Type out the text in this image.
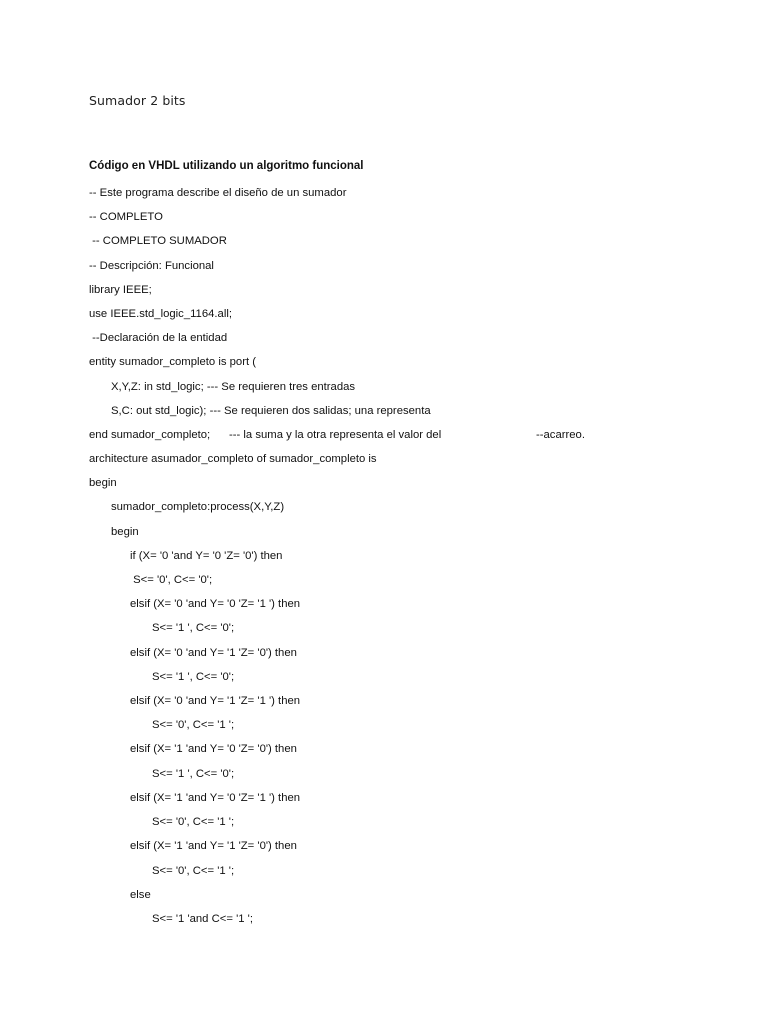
Sumador 2 bits
Código en VHDL utilizando un algoritmo funcional
-- Este programa describe el diseño de un sumador
-- COMPLETO
-- COMPLETO SUMADOR
-- Descripción: Funcional
library IEEE;
use IEEE.std_logic_1164.all;
--Declaración de la entidad
entity sumador_completo is port (
X,Y,Z: in std_logic; --- Se requieren tres entradas
S,C: out std_logic); --- Se requieren dos salidas; una representa
end sumador_completo; --- la suma y la otra representa el valor del	--acarreo.
architecture asumador_completo of sumador_completo is
begin
sumador_completo:process(X,Y,Z)
begin
if (X= '0 'and Y= '0 'Z= '0') then
S<= '0', C<= '0';
elsif (X= '0 'and Y= '0 'Z= '1 ') then
S<= '1 ', C<= '0';
elsif (X= '0 'and Y= '1 'Z= '0') then
S<= '1 ', C<= '0';
elsif (X= '0 'and Y= '1 'Z= '1 ') then
S<= '0', C<= '1 ';
elsif (X= '1 'and Y= '0 'Z= '0') then
S<= '1 ', C<= '0';
elsif (X= '1 'and Y= '0 'Z= '1 ') then
S<= '0', C<= '1 ';
elsif (X= '1 'and Y= '1 'Z= '0') then
S<= '0', C<= '1 ';
else
S<= '1 'and C<= '1 ';
